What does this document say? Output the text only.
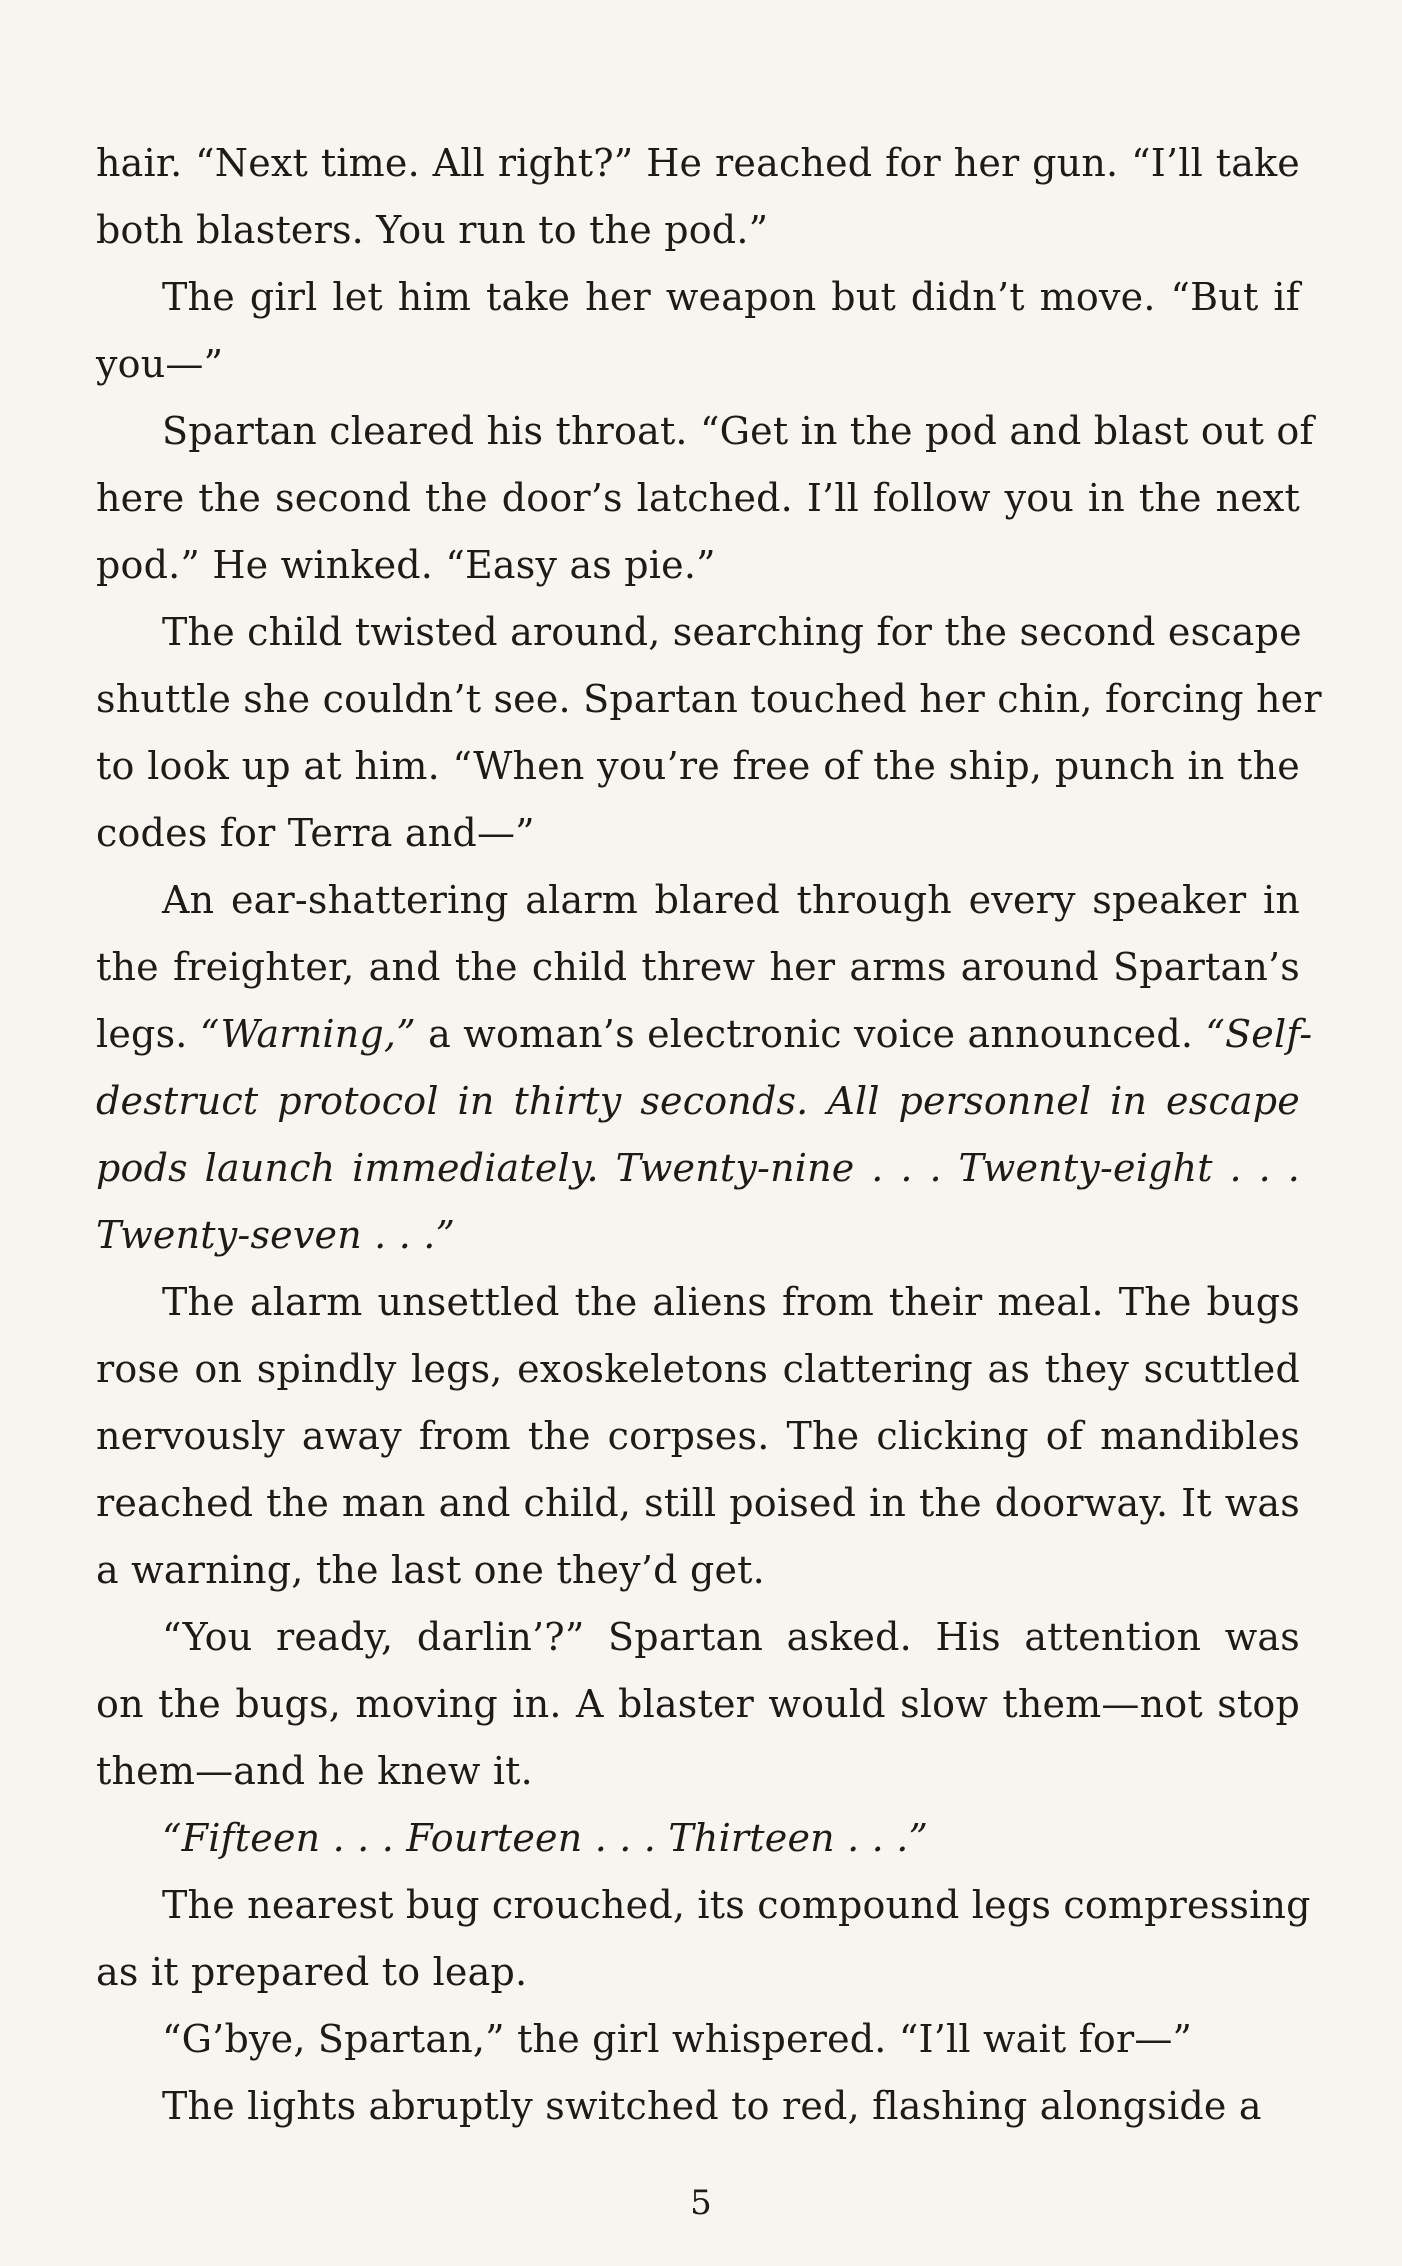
hair. “Next time. All right?” He reached for her gun. “I’ll take
both blasters. You run to the pod.”
The girl let him take her weapon but didn’t move. “But if
you—”
Spartan cleared his throat. “Get in the pod and blast out of
here the second the door’s latched. I’ll follow you in the next
pod.” He winked. “Easy as pie.”
The child twisted around, searching for the second escape
shuttle she couldn’t see. Spartan touched her chin, forcing her
to look up at him. “When you’re free of the ship, punch in the
codes for Terra and—”
An ear-shattering alarm blared through every speaker in
the freighter, and the child threw her arms around Spartan’s
legs. “Warning,” a woman’s electronic voice announced. “Self-
destruct protocol in thirty seconds. All personnel in escape
pods launch immediately. Twenty-nine . . . Twenty-eight . . .
Twenty-seven . . .”
The alarm unsettled the aliens from their meal. The bugs
rose on spindly legs, exoskeletons clattering as they scuttled
nervously away from the corpses. The clicking of mandibles
reached the man and child, still poised in the doorway. It was
a warning, the last one they’d get.
“You ready, darlin’?” Spartan asked. His attention was
on the bugs, moving in. A blaster would slow them—not stop
them—and he knew it.
“Fifteen . . . Fourteen . . . Thirteen . . .”
The nearest bug crouched, its compound legs compressing
as it prepared to leap.
“G’bye, Spartan,” the girl whispered. “I’ll wait for—”
The lights abruptly switched to red, flashing alongside a
5
